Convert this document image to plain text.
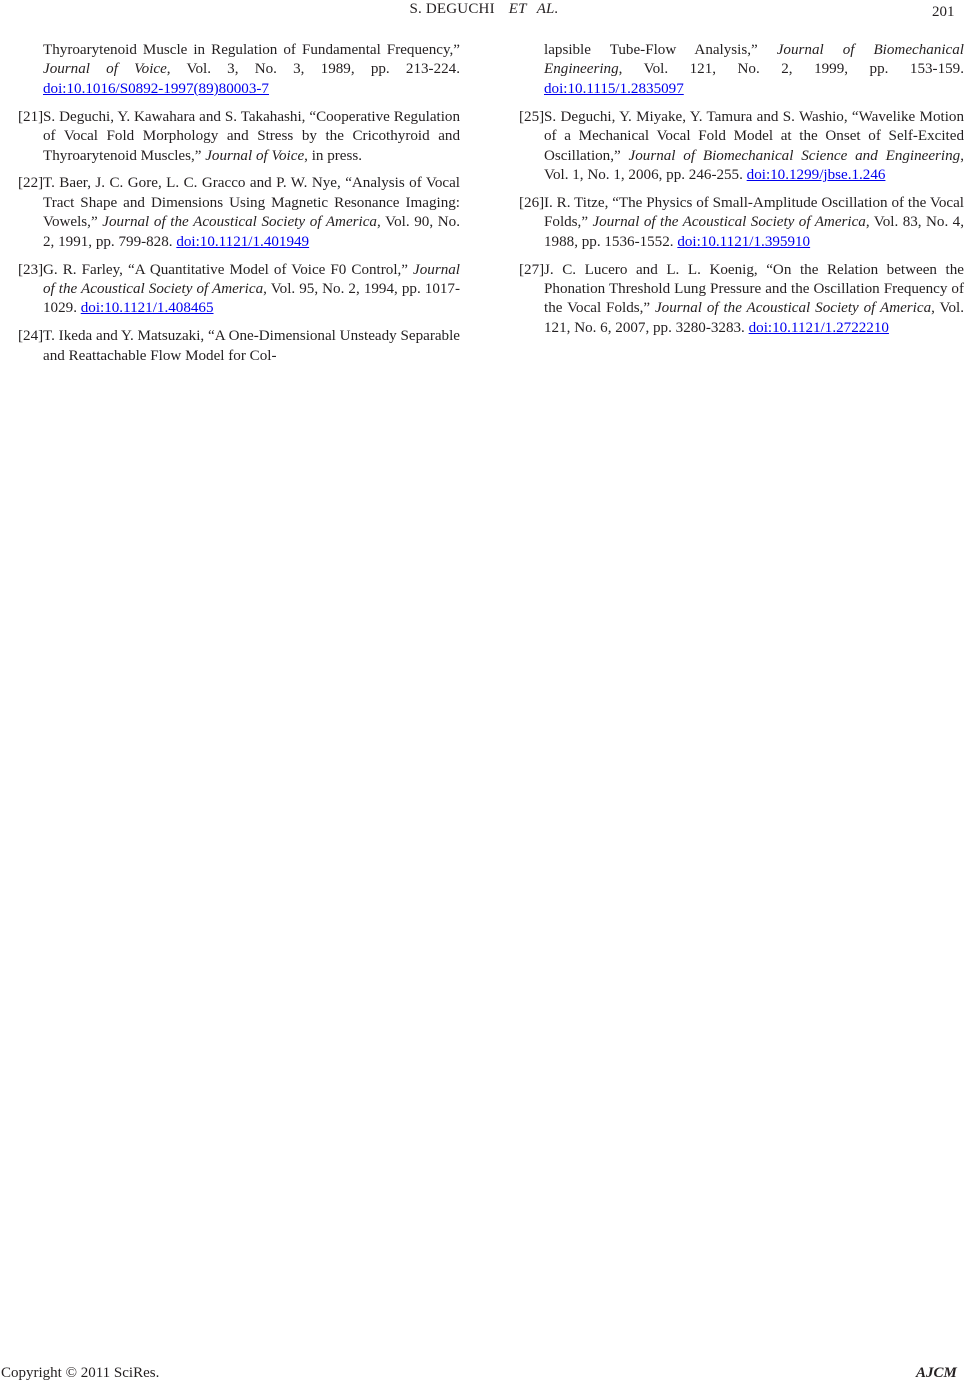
S. DEGUCHI ET AL.	201
Thyroarytenoid Muscle in Regulation of Fundamental Frequency,” Journal of Voice, Vol. 3, No. 3, 1989, pp. 213-224. doi:10.1016/S0892-1997(89)80003-7
[21] S. Deguchi, Y. Kawahara and S. Takahashi, “Cooperative Regulation of Vocal Fold Morphology and Stress by the Cricothyroid and Thyroarytenoid Muscles,” Journal of Voice, in press.
[22] T. Baer, J. C. Gore, L. C. Gracco and P. W. Nye, “Analysis of Vocal Tract Shape and Dimensions Using Magnetic Resonance Imaging: Vowels,” Journal of the Acoustical Society of America, Vol. 90, No. 2, 1991, pp. 799-828. doi:10.1121/1.401949
[23] G. R. Farley, “A Quantitative Model of Voice F0 Control,” Journal of the Acoustical Society of America, Vol. 95, No. 2, 1994, pp. 1017-1029. doi:10.1121/1.408465
[24] T. Ikeda and Y. Matsuzaki, “A One-Dimensional Unsteady Separable and Reattachable Flow Model for Col-
lapsible Tube-Flow Analysis,” Journal of Biomechanical Engineering, Vol. 121, No. 2, 1999, pp. 153-159. doi:10.1115/1.2835097
[25] S. Deguchi, Y. Miyake, Y. Tamura and S. Washio, “Wavelike Motion of a Mechanical Vocal Fold Model at the Onset of Self-Excited Oscillation,” Journal of Biomechanical Science and Engineering, Vol. 1, No. 1, 2006, pp. 246-255. doi:10.1299/jbse.1.246
[26] I. R. Titze, “The Physics of Small-Amplitude Oscillation of the Vocal Folds,” Journal of the Acoustical Society of America, Vol. 83, No. 4, 1988, pp. 1536-1552. doi:10.1121/1.395910
[27] J. C. Lucero and L. L. Koenig, “On the Relation between the Phonation Threshold Lung Pressure and the Oscillation Frequency of the Vocal Folds,” Journal of the Acoustical Society of America, Vol. 121, No. 6, 2007, pp. 3280-3283. doi:10.1121/1.2722210
Copyright © 2011 SciRes.	AJCM
